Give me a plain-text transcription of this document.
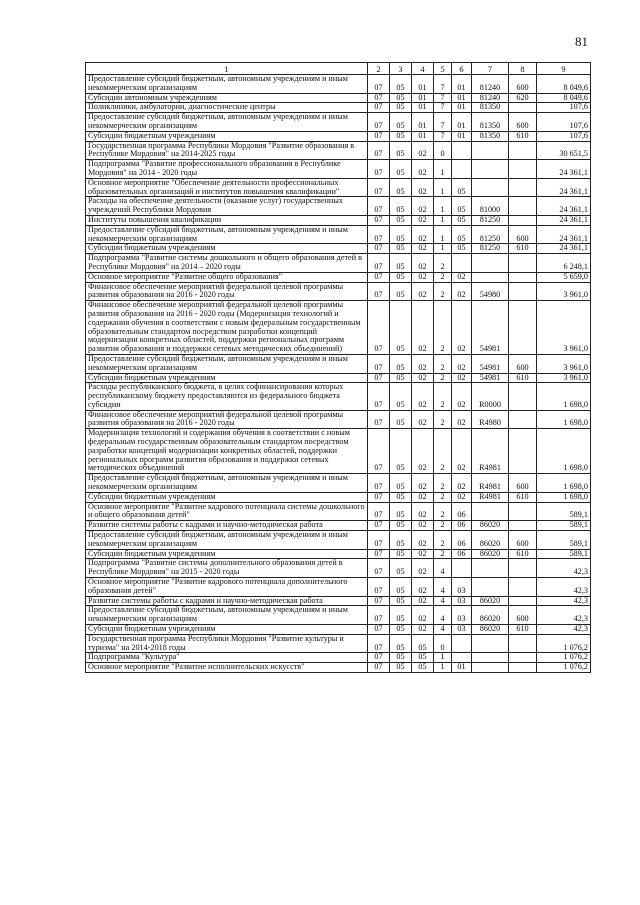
81
1	2	3	4	5	6	7	8	9
Предоставление субсидий бюджетным, автономным учреждениям и иным некоммерческим организациям	07	05	01	7	01	81240	600	8 049,6
Субсидии автономным учреждениям	07	05	01	7	01	81240	620	8 049,6
Поликлиники, амбулатории, диагностические центры	07	05	01	7	01	81350		107,6
Предоставление субсидий бюджетным, автономным учреждениям и иным некоммерческим организациям	07	05	01	7	01	81350	600	107,6
Субсидии бюджетным учреждениям	07	05	01	7	01	81350	610	107,6
Государственная программа Республики Мордовия "Развитие образования в Республике Мордовия" на 2014-2025 годы	07	05	02	0				30 651,5
Подпрограмма "Развитие профессионального образования в Республике Мордовия" на 2014 - 2020 годы	07	05	02	1				24 361,1
Основное мероприятие "Обеспечение деятельности профессиональных образовательных организаций и институтов повышения квалификации"	07	05	02	1	05			24 361,1
Расходы на обеспечение деятельности (оказание услуг) государственных учреждений Республики Мордовия	07	05	02	1	05	81000		24 361,1
Институты повышения квалификации	07	05	02	1	05	81250		24 361,1
Предоставление субсидий бюджетным, автономным учреждениям и иным некоммерческим организациям	07	05	02	1	05	81250	600	24 361,1
Субсидии бюджетным учреждениям	07	05	02	1	05	81250	610	24 361,1
Подпрограмма "Развитие системы дошкольного и общего образования детей в Республике Мордовия" на 2014 – 2020 годы	07	05	02	2				6 248,1
Основное мероприятие "Развитие общего образования"	07	05	02	2	02			5 659,0
Финансовое обеспечение мероприятий федеральной целевой программы развития образования на 2016 - 2020 годы	07	05	02	2	02	54980		3 961,0
Финансовое обеспечение мероприятий федеральной целевой программы развития образования на 2016 - 2020 годы (Модернизация технологий и содержания обучения в соответствии с новым федеральным государственным образовательным стандартом посредством разработки концепций модернизации конкретных областей, поддержки региональных программ развития образования и поддержки сетевых методических объединений)	07	05	02	2	02	54981		3 961,0
Предоставление субсидий бюджетным, автономным учреждениям и иным некоммерческим организациям	07	05	02	2	02	54981	600	3 961,0
Субсидии бюджетным учреждениям	07	05	02	2	02	54981	610	3 961,0
Расходы республиканского бюджета, в целях софинансирования которых республиканскому бюджету предоставляются из федерального бюджета субсидии	07	05	02	2	02	R0000		1 698,0
Финансовое обеспечение мероприятий федеральной целевой программы развития образования на 2016 - 2020 годы	07	05	02	2	02	R4980		1 698,0
Модернизация технологий и содержания обучения в соответствии с новым федеральным государственным образовательным стандартом посредством разработки концепций модернизации конкретных областей, поддержки региональных программ развития образования и поддержки сетевых методических объединений	07	05	02	2	02	R4981		1 698,0
Предоставление субсидий бюджетным, автономным учреждениям и иным некоммерческим организациям	07	05	02	2	02	R4981	600	1 698,0
Субсидии бюджетным учреждениям	07	05	02	2	02	R4981	610	1 698,0
Основное мероприятие "Развитие кадрового потенциала системы дошкольного и общего образования детей"	07	05	02	2	06			589,1
Развитие системы работы с кадрами и научно-методическая работа	07	05	02	2	06	86020		589,1
Предоставление субсидий бюджетным, автономным учреждениям и иным некоммерческим организациям	07	05	02	2	06	86020	600	589,1
Субсидии бюджетным учреждениям	07	05	02	2	06	86020	610	589,1
Подпрограмма "Развитие системы дополнительного образования детей в Республике Мордовия" на 2015 - 2020 годы	07	05	02	4				42,3
Основное мероприятие "Развитие кадрового потенциала дополнительного образования детей"	07	05	02	4	03			42,3
Развитие системы работы с кадрами и научно-методическая работа	07	05	02	4	03	86020		42,3
Предоставление субсидий бюджетным, автономным учреждениям и иным некоммерческим организациям	07	05	02	4	03	86020	600	42,3
Субсидии бюджетным учреждениям	07	05	02	4	03	86020	610	42,3
Государственная программа Республики Мордовия "Развитие культуры и туризма" на 2014-2018 годы	07	05	05	0				1 076,2
Подпрограмма "Культура"	07	05	05	1				1 076,2
Основное мероприятие "Развитие исполнительских искусств"	07	05	05	1	01			1 076,2
